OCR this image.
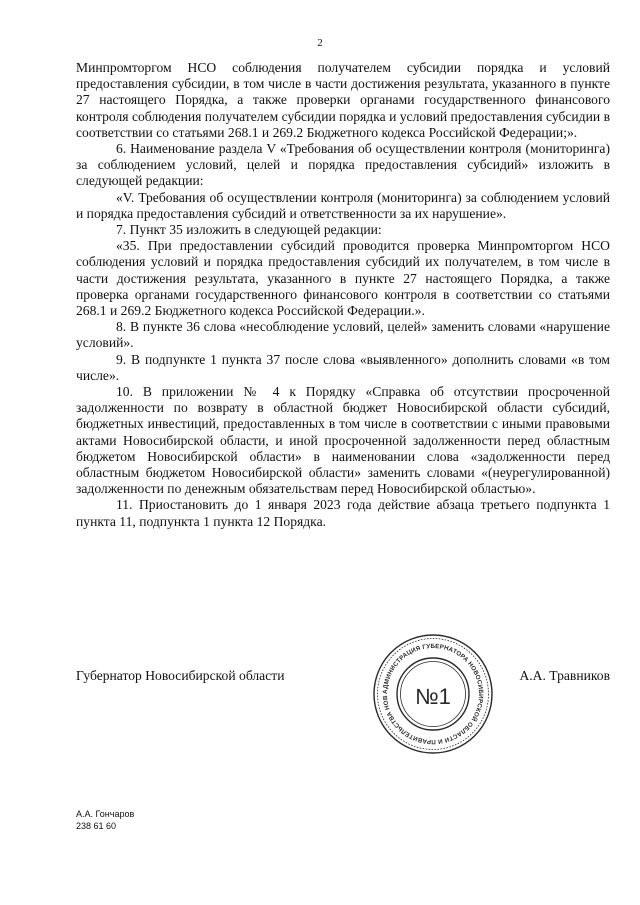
2

Минпромторгом НСО соблюдения получателем субсидии порядка и условий предоставления субсидии, в том числе в части достижения результата, указанного в пункте 27 настоящего Порядка, а также проверки органами государственного финансового контроля соблюдения получателем субсидии порядка и условий предоставления субсидии в соответствии со статьями 268.1 и 269.2 Бюджетного кодекса Российской Федерации;».

6. Наименование раздела V «Требования об осуществлении контроля (мониторинга) за соблюдением условий, целей и порядка предоставления субсидий» изложить в следующей редакции:

«V. Требования об осуществлении контроля (мониторинга) за соблюдением условий и порядка предоставления субсидий и ответственности за их нарушение».

7. Пункт 35 изложить в следующей редакции:

«35. При предоставлении субсидий проводится проверка Минпромторгом НСО соблюдения условий и порядка предоставления субсидий их получателем, в том числе в части достижения результата, указанного в пункте 27 настоящего Порядка, а также проверка органами государственного финансового контроля в соответствии со статьями 268.1 и 269.2 Бюджетного кодекса Российской Федерации.».

8. В пункте 36 слова «несоблюдение условий, целей» заменить словами «нарушение условий».

9. В подпункте 1 пункта 37 после слова «выявленного» дополнить словами «в том числе».

10. В приложении № 4 к Порядку «Справка об отсутствии просроченной задолженности по возврату в областной бюджет Новосибирской области субсидий, бюджетных инвестиций, предоставленных в том числе в соответствии с иными правовыми актами Новосибирской области, и иной просроченной задолженности перед областным бюджетом Новосибирской области» в наименовании слова «задолженности перед областным бюджетом Новосибирской области» заменить словами «(неурегулированной) задолженности по денежным обязательствам перед Новосибирской областью».

11. Приостановить до 1 января 2023 года действие абзаца третьего подпункта 1 пункта 11, подпункта 1 пункта 12 Порядка.

Губернатор Новосибирской области	А.А. Травников
АДМИНИСТРАЦИЯ ГУБЕРНАТОРА НОВОСИБИРСКОЙ ОБЛАСТИ И ПРАВИТЕЛЬСТВА НОВ	№1
А.А. Гончаров
238 61 60
